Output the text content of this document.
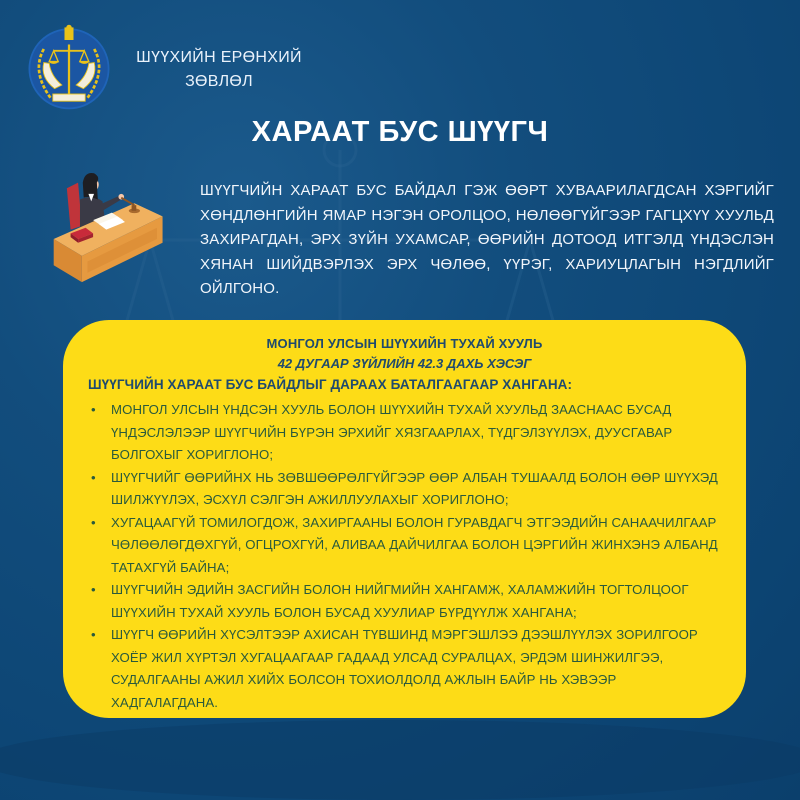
ШҮҮХИЙН ЕРӨНХИЙ
ЗӨВЛӨЛ
ХАРААТ БУС ШҮҮГЧ
ШҮҮГЧИЙН ХАРААТ БУС БАЙДАЛ ГЭЖ ӨӨРТ ХУВААРИЛАГДСАН ХЭРГИЙГ ХӨНДЛӨНГИЙН ЯМАР НЭГЭН ОРОЛЦОО, НӨЛӨӨГҮЙГЭЭР ГАГЦХҮҮ ХУУЛЬД ЗАХИРАГДАН, ЭРХ ЗҮЙН УХАМСАР, ӨӨРИЙН ДОТООД ИТГЭЛД ҮНДЭСЛЭН ХЯНАН ШИЙДВЭРЛЭХ ЭРХ ЧӨЛӨӨ, ҮҮРЭГ, ХАРИУЦЛАГЫН НЭГДЛИЙГ ОЙЛГОНО.
МОНГОЛ УЛСЫН ШҮҮХИЙН ТУХАЙ ХУУЛЬ
42 ДУГААР ЗҮЙЛИЙН 42.3 ДАХЬ ХЭСЭГ
ШҮҮГЧИЙН ХАРААТ БУС БАЙДЛЫГ ДАРААХ БАТАЛГААГААР ХАНГАНА:
• МОНГОЛ УЛСЫН ҮНДСЭН ХУУЛЬ БОЛОН ШҮҮХИЙН ТУХАЙ ХУУЛЬД ЗААСНААС БУСАД ҮНДЭСЛЭЛЭЭР ШҮҮГЧИЙН БҮРЭН ЭРХИЙГ ХЯЗГААРЛАХ, ТҮДГЭЛЗҮҮЛЭХ, ДУУСГАВАР БОЛГОХЫГ ХОРИГЛОНО;
• ШҮҮГЧИЙГ ӨӨРИЙНХ НЬ ЗӨВШӨӨРӨЛГҮЙГЭЭР ӨӨР АЛБАН ТУШААЛД БОЛОН ӨӨР ШҮҮХЭД ШИЛЖҮҮЛЭХ, ЭСХҮЛ СЭЛГЭН АЖИЛЛУУЛАХЫГ ХОРИГЛОНО;
• ХУГАЦААГҮЙ ТОМИЛОГДОЖ, ЗАХИРГААНЫ БОЛОН ГУРАВДАГЧ ЭТГЭЭДИЙН САНААЧИЛГААР ЧӨЛӨӨЛӨГДӨХГҮЙ, ОГЦРОХГҮЙ, АЛИВАА ДАЙЧИЛГАА БОЛОН ЦЭРГИЙН ЖИНХЭНЭ АЛБАНД ТАТАХГҮЙ БАЙНА;
• ШҮҮГЧИЙН ЭДИЙН ЗАСГИЙН БОЛОН НИЙГМИЙН ХАНГАМЖ, ХАЛАМЖИЙН ТОГТОЛЦООГ ШҮҮХИЙН ТУХАЙ ХУУЛЬ БОЛОН БУСАД ХУУЛИАР БҮРДҮҮЛЖ ХАНГАНА;
• ШҮҮГЧ ӨӨРИЙН ХҮСЭЛТЭЭР АХИСАН ТҮВШИНД МЭРГЭШЛЭЭ ДЭЭШЛҮҮЛЭХ ЗОРИЛГООР ХОЁР ЖИЛ ХҮРТЭЛ ХУГАЦААГААР ГАДААД УЛСАД СУРАЛЦАХ, ЭРДЭМ ШИНЖИЛГЭЭ, СУДАЛГААНЫ АЖИЛ ХИЙХ БОЛСОН ТОХИОЛДОЛД АЖЛЫН БАЙР НЬ ХЭВЭЭР ХАДГАЛАГДАНА.
